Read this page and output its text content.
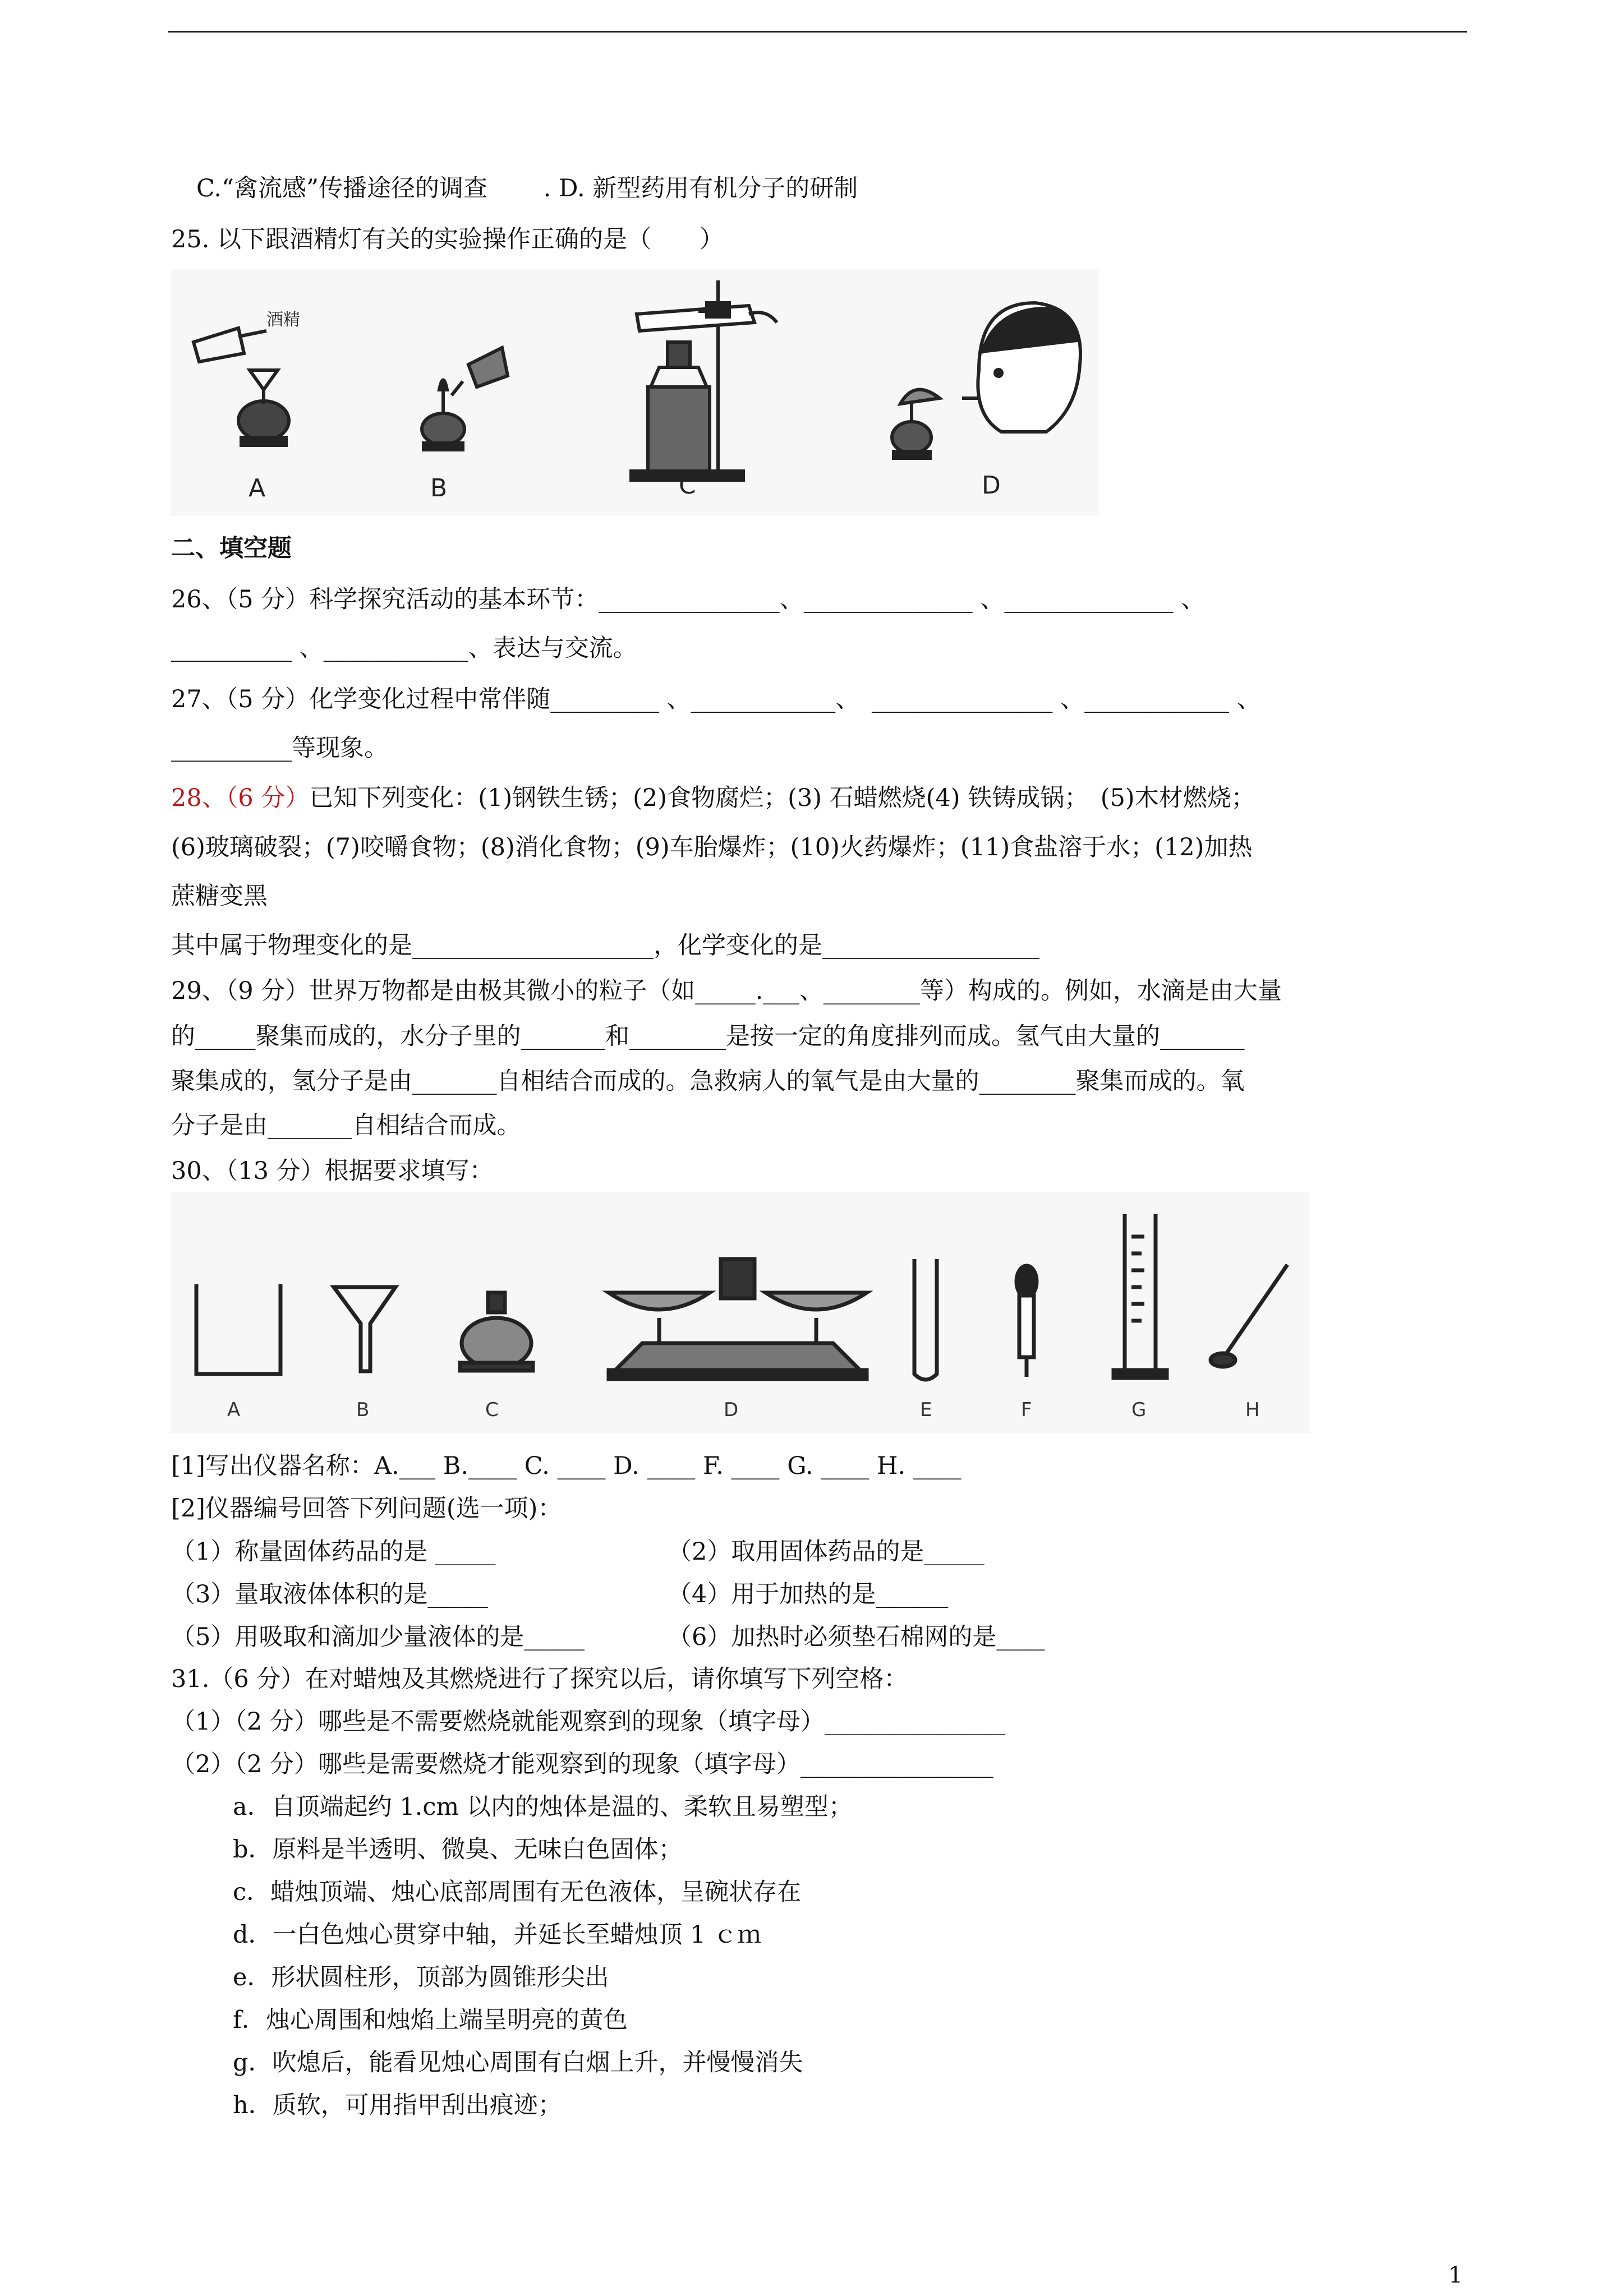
C.“禽流感”传播途径的调查　　 . D. 新型药用有机分子的研制
25. 以下跟酒精灯有关的实验操作正确的是（　　）
酒精
A	B	C	D
二、填空题
26、（5 分）科学探究活动的基本环节：_______________、______________ 、______________ 、
__________ 、____________、表达与交流。
27、（5 分）化学变化过程中常伴随_________ 、____________、　_______________ 、____________ 、
__________等现象。
28、（6 分）已知下列变化：(1)钢铁生锈；(2)食物腐烂；(3) 石蜡燃烧(4) 铁铸成锅；　(5)木材燃烧；
(6)玻璃破裂；(7)咬嚼食物；(8)消化食物；(9)车胎爆炸；(10)火药爆炸；(11)食盐溶于水；(12)加热
蔗糖变黑
其中属于物理变化的是____________________，化学变化的是__________________
29、（9 分）世界万物都是由极其微小的粒子（如_____.___、________等）构成的。例如，水滴是由大量
的_____聚集而成的，水分子里的_______和________是按一定的角度排列而成。氢气由大量的_______
聚集成的，氢分子是由_______自相结合而成的。急救病人的氧气是由大量的________聚集而成的。氧
分子是由_______自相结合而成。
30、（13 分）根据要求填写：
A	B	C	D	E	F	G	H
[1]写出仪器名称：A.___ B.____ C. ____ D. ____ F. ____ G. ____ H. ____
[2]仪器编号回答下列问题(选一项)：
（1）称量固体药品的是 _____	（2）取用固体药品的是_____
（3）量取液体体积的是_____	（4）用于加热的是______
（5）用吸取和滴加少量液体的是_____	（6）加热时必须垫石棉网的是____
31.（6 分）在对蜡烛及其燃烧进行了探究以后，请你填写下列空格：
（1）（2 分）哪些是不需要燃烧就能观察到的现象（填字母）_______________
（2）（2 分）哪些是需要燃烧才能观察到的现象（填字母）________________
a．自顶端起约 1.cm 以内的烛体是温的、柔软且易塑型；
b．原料是半透明、微臭、无味白色固体；
c．蜡烛顶端、烛心底部周围有无色液体，呈碗状存在
d．一白色烛心贯穿中轴，并延长至蜡烛顶 1 ｃｍ
e．形状圆柱形，顶部为圆锥形尖出
f．烛心周围和烛焰上端呈明亮的黄色
g．吹熄后，能看见烛心周围有白烟上升，并慢慢消失
h．质软，可用指甲刮出痕迹；
1
